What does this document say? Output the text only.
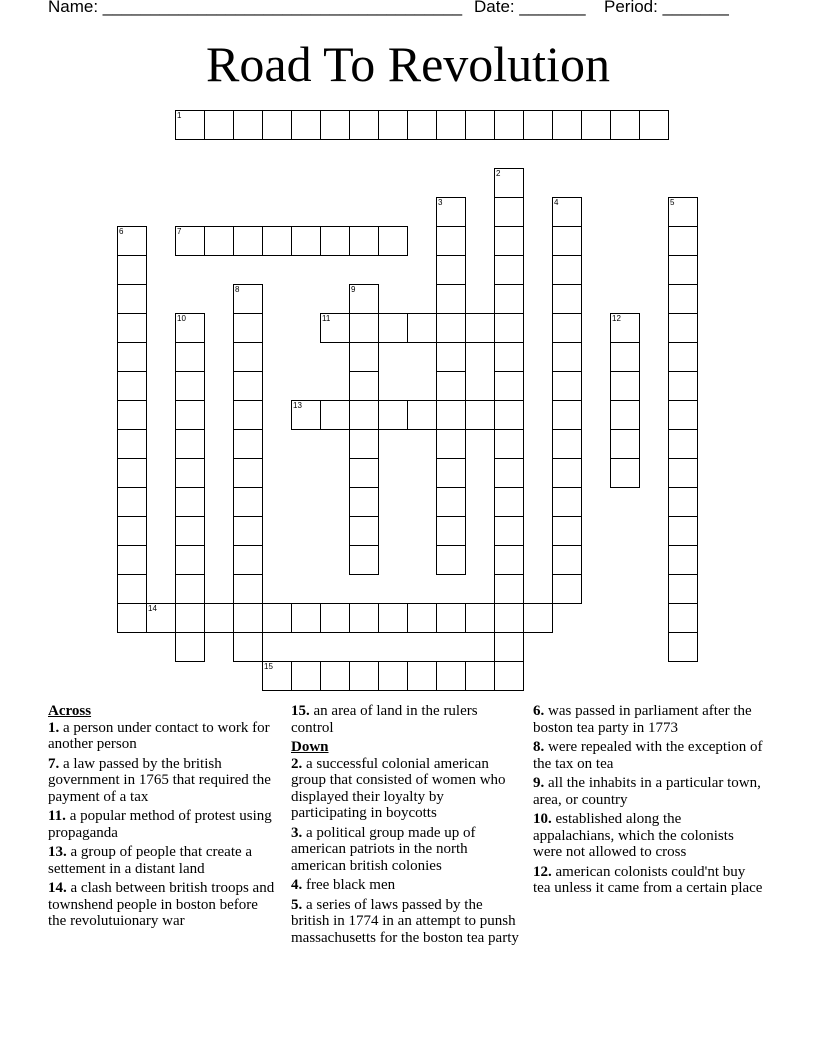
Name: ______________________________________ Date: _______ Period: _______
Road To Revolution
1
2
3	4	5
6	7
8	9
10	11	12
13
14
15
Across
1. a person under contact to work for another person
7. a law passed by the british government in 1765 that required the payment of a tax
11. a popular method of protest using propaganda
13. a group of people that create a settement in a distant land
14. a clash between british troops and townshend people in boston before the revolutuionary war
15. an area of land in the rulers control
Down
2. a successful colonial american group that consisted of women who displayed their loyalty by participating in boycotts
3. a political group made up of american patriots in the north american british colonies
4. free black men
5. a series of laws passed by the british in 1774 in an attempt to punsh massachusetts for the boston tea party
6. was passed in parliament after the boston tea party in 1773
8. were repealed with the exception of the tax on tea
9. all the inhabits in a particular town, area, or country
10. established along the appalachians, which the colonists were not allowed to cross
12. american colonists could'nt buy tea unless it came from a certain place
